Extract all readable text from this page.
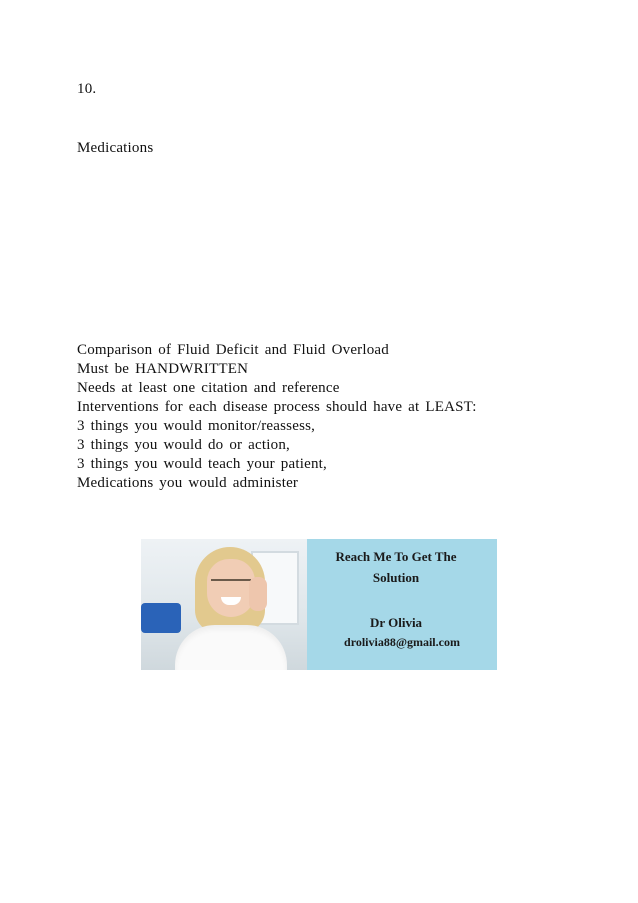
10.
Medications
Comparison of Fluid Deficit and Fluid Overload
Must be HANDWRITTEN
Needs at least one citation and reference
Interventions for each disease process should have at LEAST:
3 things you would monitor/reassess,
3 things you would do or action,
3 things you would teach your patient,
Medications you would administer
Reach Me To Get The
Solution
Dr Olivia
drolivia88@gmail.com
